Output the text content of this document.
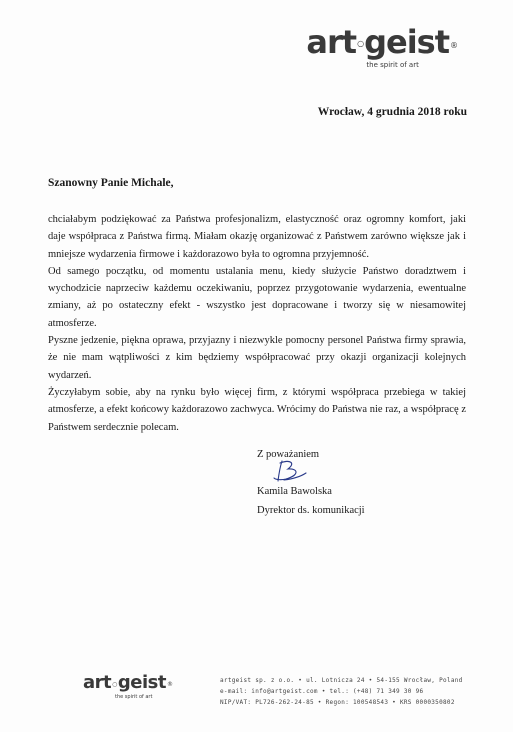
art ○ geist ®
the spirit of art
Wrocław, 4 grudnia 2018 roku
Szanowny Panie Michale,

chciałabym podziękować za Państwa profesjonalizm, elastyczność oraz ogromny komfort, jaki daje współpraca z Państwa firmą. Miałam okazję organizować z Państwem zarówno większe jak i mniejsze wydarzenia firmowe i każdorazowo była to ogromna przyjemność.

Od samego początku, od momentu ustalania menu, kiedy służycie Państwo doradztwem i wychodzicie naprzeciw każdemu oczekiwaniu, poprzez przygotowanie wydarzenia, ewentualne zmiany, aż po ostateczny efekt - wszystko jest dopracowane i tworzy się w niesamowitej atmosferze.

Pyszne jedzenie, piękna oprawa, przyjazny i niezwykle pomocny personel Państwa firmy sprawia, że nie mam wątpliwości z kim będziemy współpracować przy okazji organizacji kolejnych wydarzeń.

Życzyłabym sobie, aby na rynku było więcej firm, z którymi współpraca przebiega w takiej atmosferze, a efekt końcowy każdorazowo zachwyca. Wrócimy do Państwa nie raz, a współpracę z Państwem serdecznie polecam.

Z poważaniem
Kamila Bawolska
Dyrektor ds. komunikacji
art ○ geist ®
the spirit of art
artgeist sp. z o.o. • ul. Lotnicza 24 • 54-155 Wrocław, Poland
e-mail: info@artgeist.com • tel.: (+48) 71 349 30 96
NIP/VAT: PL726-262-24-85 • Regon: 100548543 • KRS 0000350802
